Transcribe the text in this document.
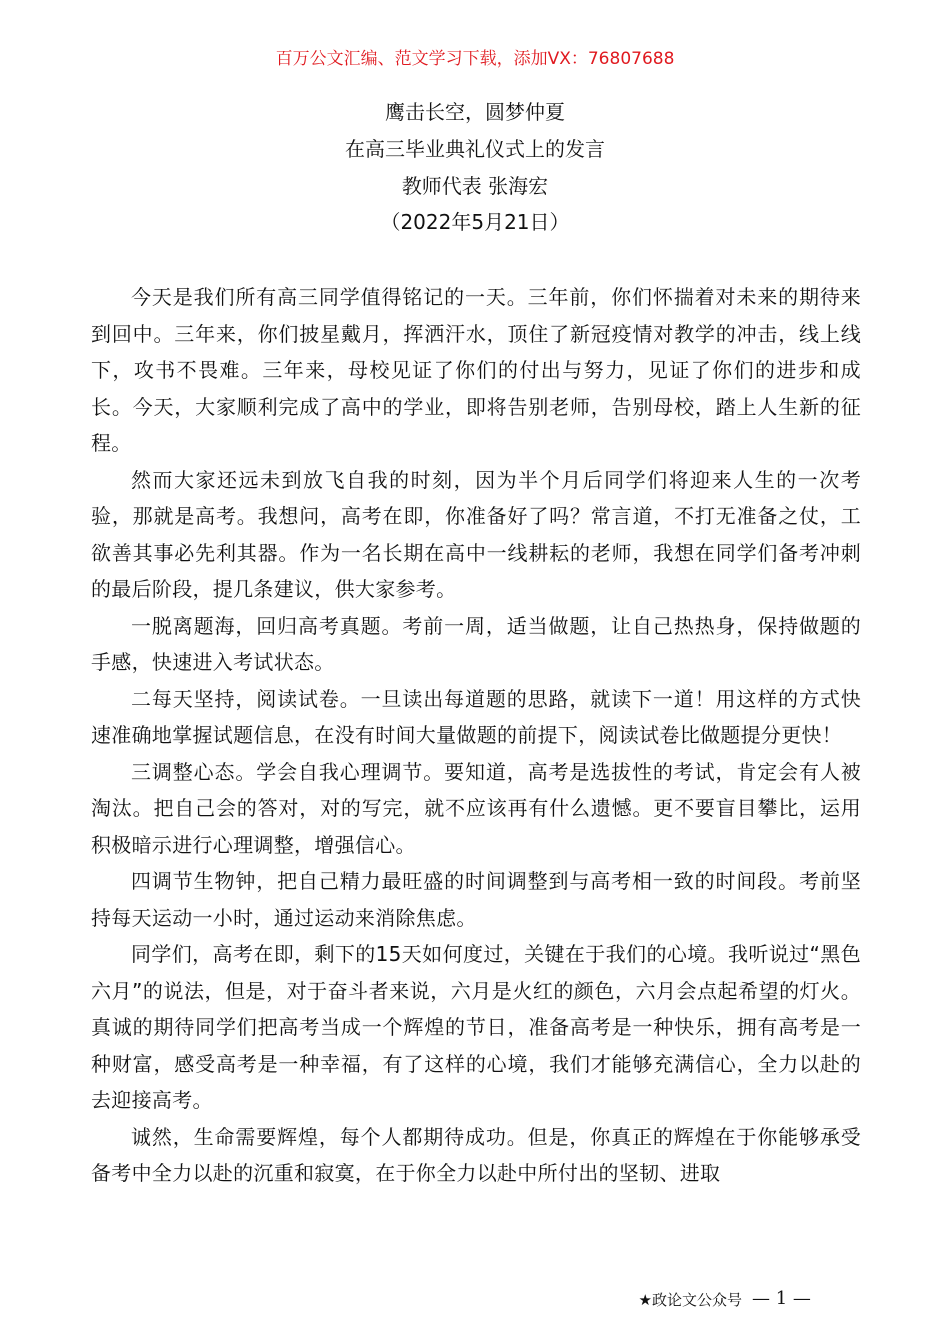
百万公文汇编、范文学习下载，添加VX：76807688
鹰击长空，圆梦仲夏
在高三毕业典礼仪式上的发言
教师代表 张海宏
（2022年5月21日）

今天是我们所有高三同学值得铭记的一天。三年前，你们怀揣着对未来的期待来到回中。三年来，你们披星戴月，挥洒汗水，顶住了新冠疫情对教学的冲击，线上线下，攻书不畏难。三年来，母校见证了你们的付出与努力，见证了你们的进步和成长。今天，大家顺利完成了高中的学业，即将告别老师，告别母校，踏上人生新的征程。

然而大家还远未到放飞自我的时刻，因为半个月后同学们将迎来人生的一次考验，那就是高考。我想问，高考在即，你准备好了吗？常言道，不打无准备之仗，工欲善其事必先利其器。作为一名长期在高中一线耕耘的老师，我想在同学们备考冲刺的最后阶段，提几条建议，供大家参考。

一脱离题海，回归高考真题。考前一周，适当做题，让自己热热身，保持做题的手感，快速进入考试状态。

二每天坚持，阅读试卷。一旦读出每道题的思路，就读下一道！用这样的方式快速准确地掌握试题信息，在没有时间大量做题的前提下，阅读试卷比做题提分更快！

三调整心态。学会自我心理调节。要知道，高考是选拔性的考试，肯定会有人被淘汰。把自己会的答对，对的写完，就不应该再有什么遗憾。更不要盲目攀比，运用积极暗示进行心理调整，增强信心。

四调节生物钟，把自己精力最旺盛的时间调整到与高考相一致的时间段。考前坚持每天运动一小时，通过运动来消除焦虑。

同学们，高考在即，剩下的15天如何度过，关键在于我们的心境。我听说过“黑色六月”的说法，但是，对于奋斗者来说，六月是火红的颜色，六月会点起希望的灯火。真诚的期待同学们把高考当成一个辉煌的节日，准备高考是一种快乐，拥有高考是一种财富，感受高考是一种幸福，有了这样的心境，我们才能够充满信心，全力以赴的去迎接高考。

诚然，生命需要辉煌，每个人都期待成功。但是，你真正的辉煌在于你能够承受备考中全力以赴的沉重和寂寞，在于你全力以赴中所付出的坚韧、进取

★政论文公众号 — 1 —
